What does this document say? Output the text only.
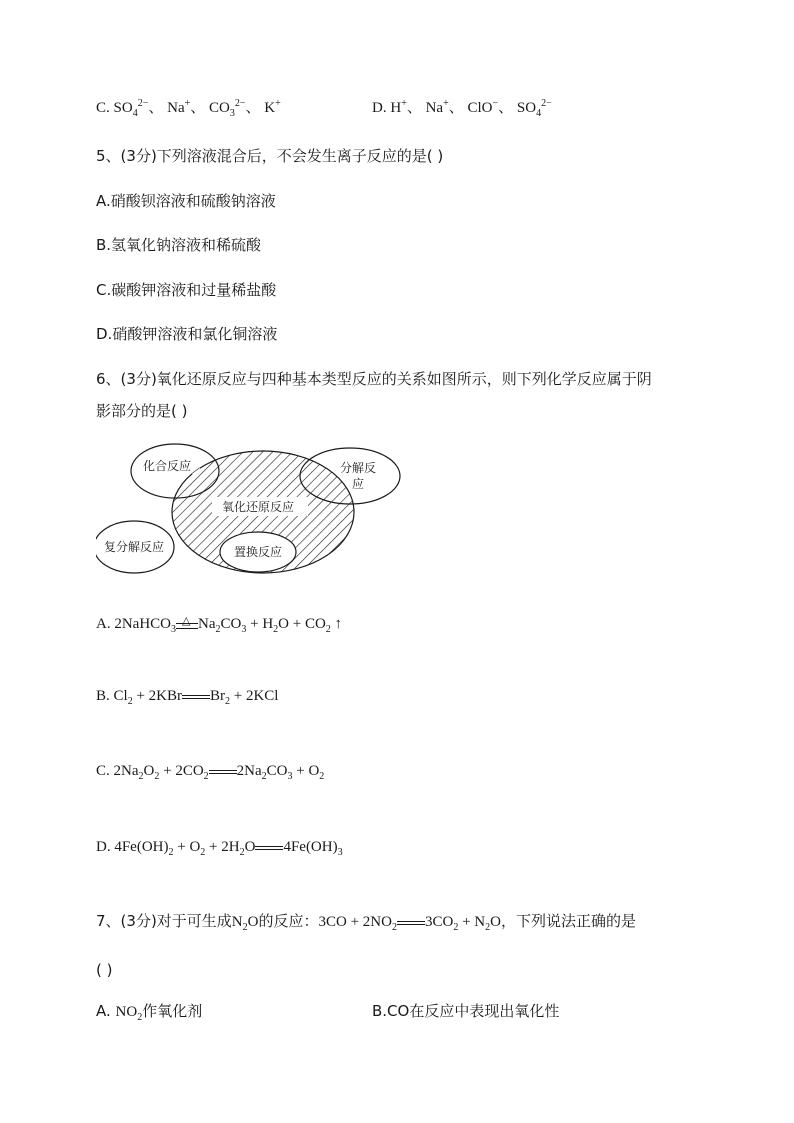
C. $SO_4^{2-}$、 Na+、 $CO_3^{2-}$、 K+	D. H+、 Na+、 ClO−、 $SO_4^{2-}$
5、(3分)下列溶液混合后，不会发生离子反应的是( )
A.硝酸钡溶液和硫酸钠溶液
B.氢氧化钠溶液和稀硫酸
C.碳酸钾溶液和过量稀盐酸
D.硝酸钾溶液和氯化铜溶液
6、(3分)氧化还原反应与四种基本类型反应的关系如图所示，则下列化学反应属于阴
影部分的是( )
化合反应	分解反
应
氧化还原反应
复分解反应	置换反应
A. 2NaHCO$_3$
△ $Na_2CO_3 + H_2O + CO_2$ ↑
B. $Cl_2 + 2KBr$ $Br_2 + 2KCl$
C. $2Na_2O_2 + 2CO_2$ $2Na_2CO_3 + O_2$
D. $4Fe(OH)_2 + O_2 + 2H_2O$ $4Fe(OH)_3$
7、(3分)对于可生成$N_2O$的反应：$3CO + 2NO_2$ $3CO_2 + N_2O$，下列说法正确的是
( )
A. $NO_2$作氧化剂	B.CO在反应中表现出氧化性
